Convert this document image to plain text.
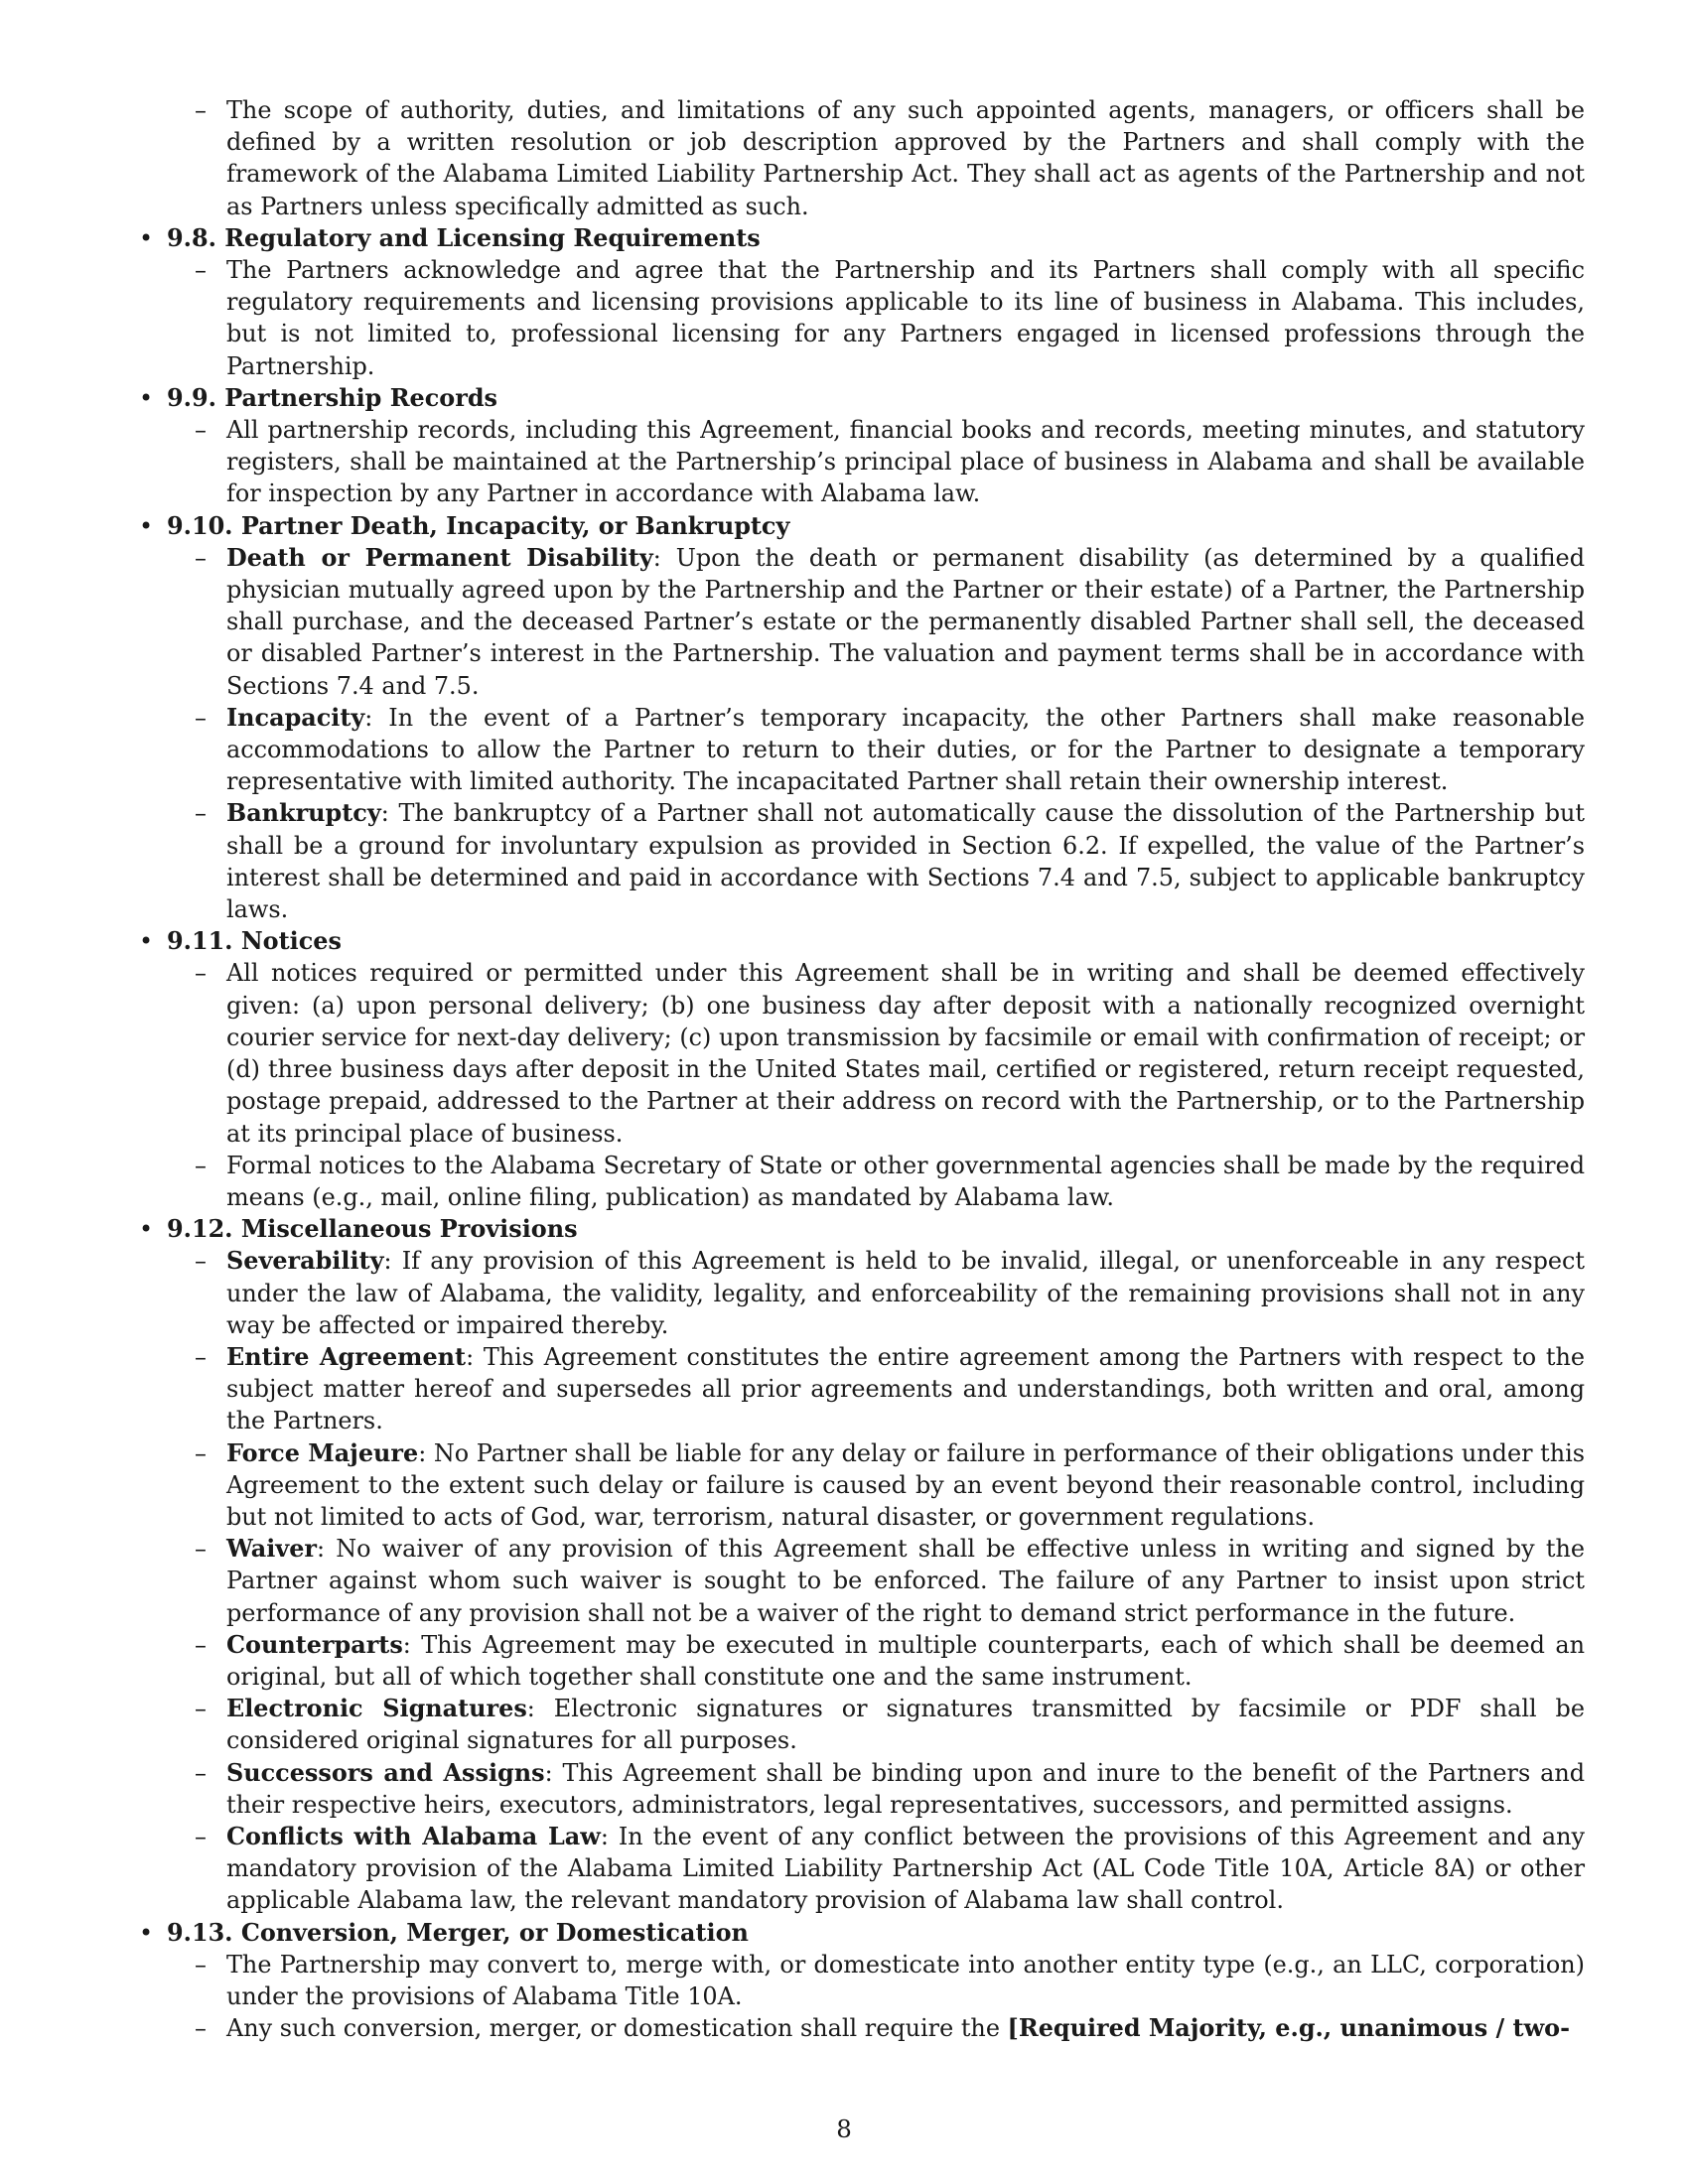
– The scope of authority, duties, and limitations of any such appointed agents, managers, or officers shall be defined by a written resolution or job description approved by the Partners and shall comply with the framework of the Alabama Limited Liability Partnership Act. They shall act as agents of the Partnership and not as Partners unless specifically admitted as such.
• 9.8. Regulatory and Licensing Requirements
– The Partners acknowledge and agree that the Partnership and its Partners shall comply with all specific regulatory requirements and licensing provisions applicable to its line of business in Alabama. This includes, but is not limited to, professional licensing for any Partners engaged in licensed professions through the Partnership.
• 9.9. Partnership Records
– All partnership records, including this Agreement, financial books and records, meeting minutes, and statutory registers, shall be maintained at the Partnership’s principal place of business in Alabama and shall be available for inspection by any Partner in accordance with Alabama law.
• 9.10. Partner Death, Incapacity, or Bankruptcy
– Death or Permanent Disability: Upon the death or permanent disability (as determined by a qualified physician mutually agreed upon by the Partnership and the Partner or their estate) of a Partner, the Partnership shall purchase, and the deceased Partner’s estate or the permanently disabled Partner shall sell, the deceased or disabled Partner’s interest in the Partnership. The valuation and payment terms shall be in accordance with Sections 7.4 and 7.5.
– Incapacity: In the event of a Partner’s temporary incapacity, the other Partners shall make reasonable accommodations to allow the Partner to return to their duties, or for the Partner to designate a temporary representative with limited authority. The incapacitated Partner shall retain their ownership interest.
– Bankruptcy: The bankruptcy of a Partner shall not automatically cause the dissolution of the Partnership but shall be a ground for involuntary expulsion as provided in Section 6.2. If expelled, the value of the Partner’s interest shall be determined and paid in accordance with Sections 7.4 and 7.5, subject to applicable bankruptcy laws.
• 9.11. Notices
– All notices required or permitted under this Agreement shall be in writing and shall be deemed effectively given: (a) upon personal delivery; (b) one business day after deposit with a nationally recognized overnight courier service for next-day delivery; (c) upon transmission by facsimile or email with confirmation of receipt; or (d) three business days after deposit in the United States mail, certified or registered, return receipt requested, postage prepaid, addressed to the Partner at their address on record with the Partnership, or to the Partnership at its principal place of business.
– Formal notices to the Alabama Secretary of State or other governmental agencies shall be made by the required means (e.g., mail, online filing, publication) as mandated by Alabama law.
• 9.12. Miscellaneous Provisions
– Severability: If any provision of this Agreement is held to be invalid, illegal, or unenforceable in any respect under the law of Alabama, the validity, legality, and enforceability of the remaining provisions shall not in any way be affected or impaired thereby.
– Entire Agreement: This Agreement constitutes the entire agreement among the Partners with respect to the subject matter hereof and supersedes all prior agreements and understandings, both written and oral, among the Partners.
– Force Majeure: No Partner shall be liable for any delay or failure in performance of their obligations under this Agreement to the extent such delay or failure is caused by an event beyond their reasonable control, including but not limited to acts of God, war, terrorism, natural disaster, or government regulations.
– Waiver: No waiver of any provision of this Agreement shall be effective unless in writing and signed by the Partner against whom such waiver is sought to be enforced. The failure of any Partner to insist upon strict performance of any provision shall not be a waiver of the right to demand strict performance in the future.
– Counterparts: This Agreement may be executed in multiple counterparts, each of which shall be deemed an original, but all of which together shall constitute one and the same instrument.
– Electronic Signatures: Electronic signatures or signatures transmitted by facsimile or PDF shall be considered original signatures for all purposes.
– Successors and Assigns: This Agreement shall be binding upon and inure to the benefit of the Partners and their respective heirs, executors, administrators, legal representatives, successors, and permitted assigns.
– Conflicts with Alabama Law: In the event of any conflict between the provisions of this Agreement and any mandatory provision of the Alabama Limited Liability Partnership Act (AL Code Title 10A, Article 8A) or other applicable Alabama law, the relevant mandatory provision of Alabama law shall control.
• 9.13. Conversion, Merger, or Domestication
– The Partnership may convert to, merge with, or domesticate into another entity type (e.g., an LLC, corporation) under the provisions of Alabama Title 10A.
– Any such conversion, merger, or domestication shall require the [Required Majority, e.g., unanimous / two-
8
